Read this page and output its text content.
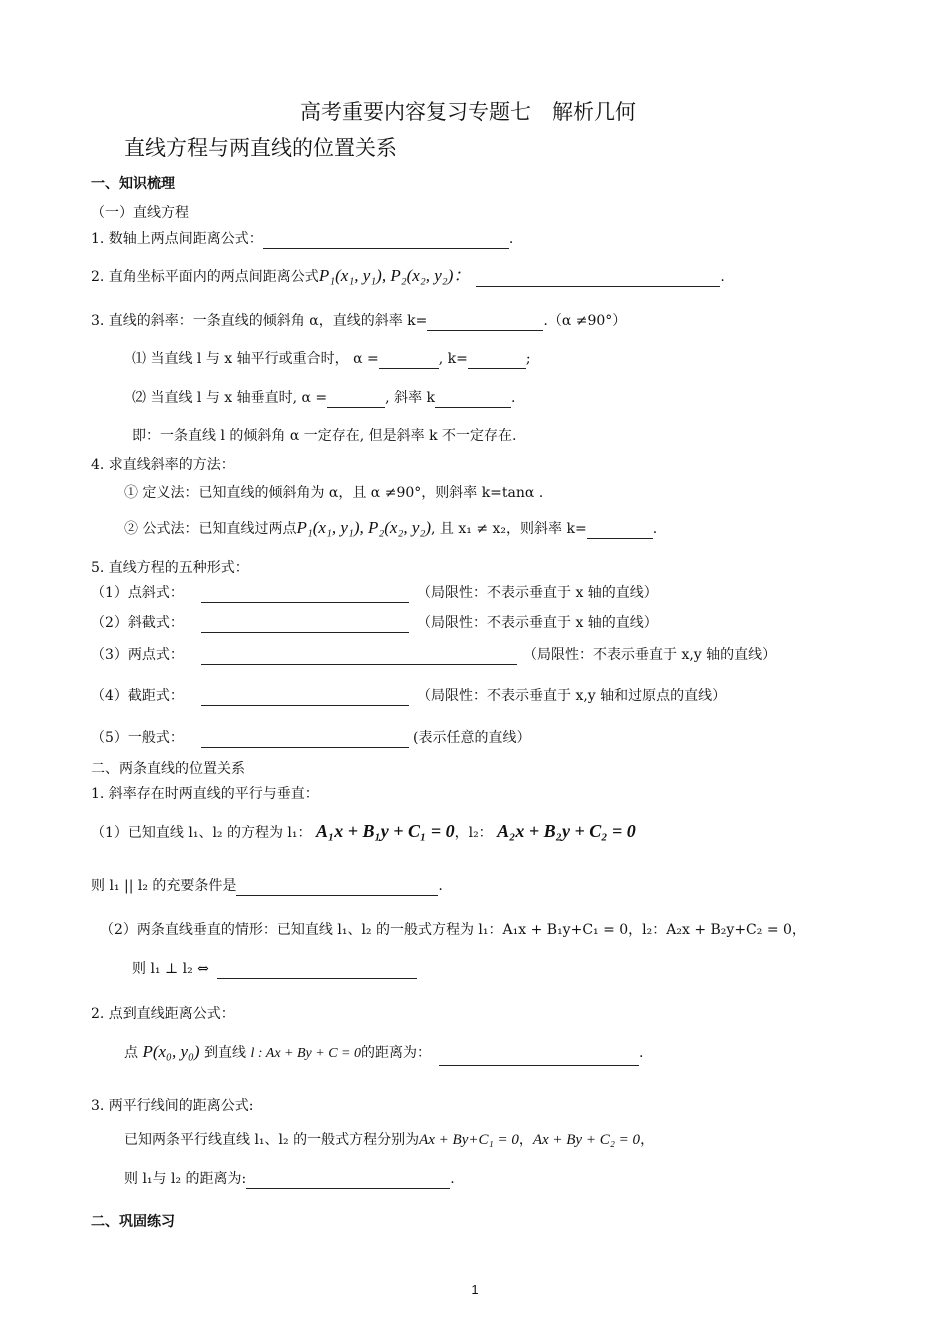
高考重要内容复习专题七　解析几何
直线方程与两直线的位置关系
一、知识梳理
（一）直线方程
1. 数轴上两点间距离公式：	.
2. 直角坐标平面内的两点间距离公式P₁(x₁, y₁), P₂(x₂, y₂)：	.
3. 直线的斜率：一条直线的倾斜角 α，直线的斜率 k=	.（α ≠90°）
⑴ 当直线 l 与 x 轴平行或重合时， α =	, k=	;
⑵ 当直线 l 与 x 轴垂直时, α =	, 斜率 k	.
即：一条直线 l 的倾斜角 α 一定存在, 但是斜率 k 不一定存在.
4. 求直线斜率的方法：
① 定义法：已知直线的倾斜角为 α，且 α ≠90°，则斜率 k=tanα .
② 公式法：已知直线过两点P₁(x₁, y₁), P₂(x₂, y₂), 且 x₁ ≠ x₂，则斜率 k=	.
5. 直线方程的五种形式：
（1）点斜式：	（局限性：不表示垂直于 x 轴的直线）
（2）斜截式：	（局限性：不表示垂直于 x 轴的直线）
（3）两点式：	（局限性：不表示垂直于 x,y 轴的直线）
（4）截距式：	（局限性：不表示垂直于 x,y 轴和过原点的直线）
（5）一般式：	(表示任意的直线）
二、两条直线的位置关系
1. 斜率存在时两直线的平行与垂直：
（1）已知直线 l₁、l₂ 的方程为 l₁： A₁x + B₁y + C₁ = 0，l₂： A₂x + B₂y + C₂ = 0
则 l₁ || l₂ 的充要条件是	.
（2）两条直线垂直的情形：已知直线 l₁、l₂ 的一般式方程为 l₁：A₁x + B₁y+C₁ = 0，l₂：A₂x + B₂y+C₂ = 0，
则 l₁ ⊥ l₂ ⇔
2. 点到直线距离公式：
点 P(x₀, y₀) 到直线 l : Ax + By + C = 0的距离为：	.
3. 两平行线间的距离公式:
已知两条平行线直线 l₁、l₂ 的一般式方程分别为Ax + By+C₁ = 0，Ax + By + C₂ = 0，
则 l₁与 l₂ 的距离为:	.
二、巩固练习
1
